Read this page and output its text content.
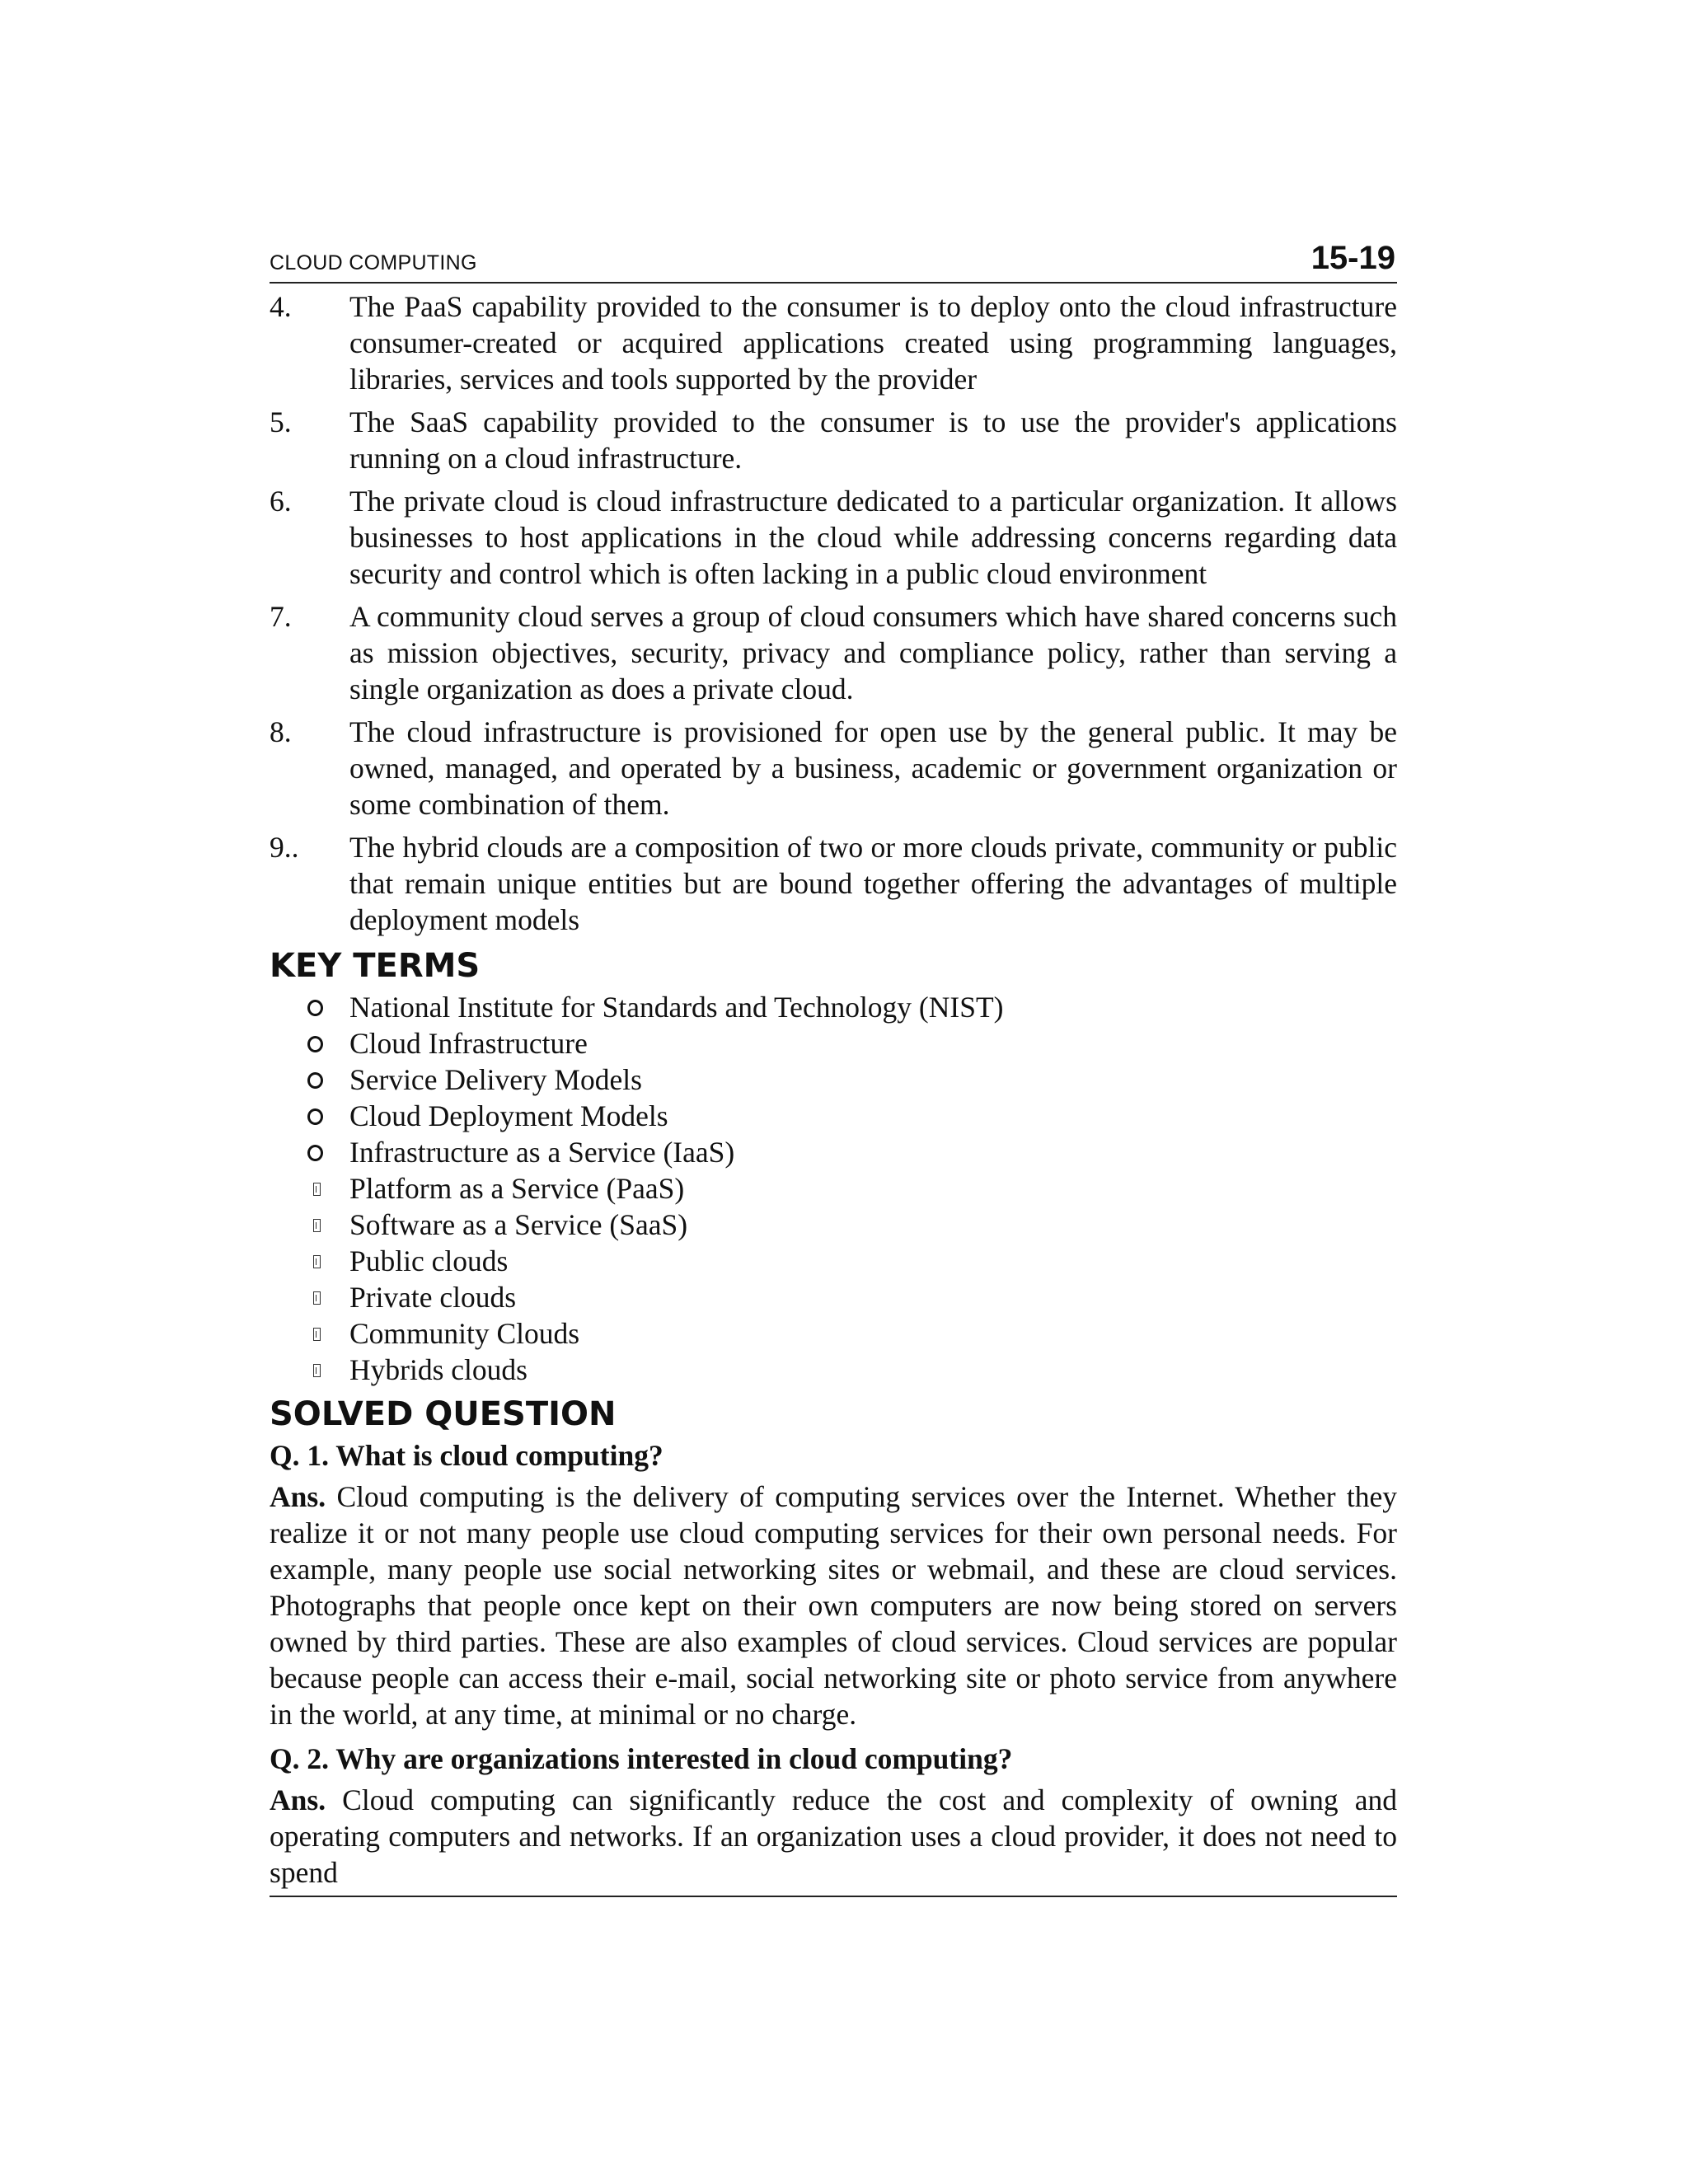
CLOUD COMPUTING	15-19
4.	The PaaS capability provided to the consumer is to deploy onto the cloud infrastructure consumer-created or acquired applications created using programming languages, libraries, services and tools supported by the provider
5.	The SaaS capability provided to the consumer is to use the provider's applications running on a cloud infrastructure.
6.	The private cloud is cloud infrastructure dedicated to a particular organization. It allows businesses to host applications in the cloud while addressing concerns regarding data security and control which is often lacking in a public cloud environment
7.	A community cloud serves a group of cloud consumers which have shared concerns such as mission objectives, security, privacy and compliance policy, rather than serving a single organization as does a private cloud.
8.	The cloud infrastructure is provisioned for open use by the general public. It may be owned, managed, and operated by a business, academic or government organization or some combination of them.
9..	The hybrid clouds are a composition of two or more clouds private, community or public that remain unique entities but are bound together offering the advantages of multiple deployment models
KEY TERMS
National Institute for Standards and Technology (NIST)
Cloud Infrastructure
Service Delivery Models
Cloud Deployment Models
Infrastructure as a Service (IaaS)
Platform as a Service (PaaS)
Software as a Service (SaaS)
Public clouds
Private clouds
Community Clouds
Hybrids clouds
SOLVED QUESTION
Q. 1. What is cloud computing?

Ans. Cloud computing is the delivery of computing services over the Internet. Whether they realize it or not many people use cloud computing services for their own personal needs. For example, many people use social networking sites or webmail, and these are cloud services. Photographs that people once kept on their own computers are now being stored on servers owned by third parties. These are also examples of cloud services. Cloud services are popular because people can access their e-mail, social networking site or photo service from anywhere in the world, at any time, at minimal or no charge.

Q. 2. Why are organizations interested in cloud computing?

Ans. Cloud computing can significantly reduce the cost and complexity of owning and operating computers and networks. If an organization uses a cloud provider, it does not need to spend
